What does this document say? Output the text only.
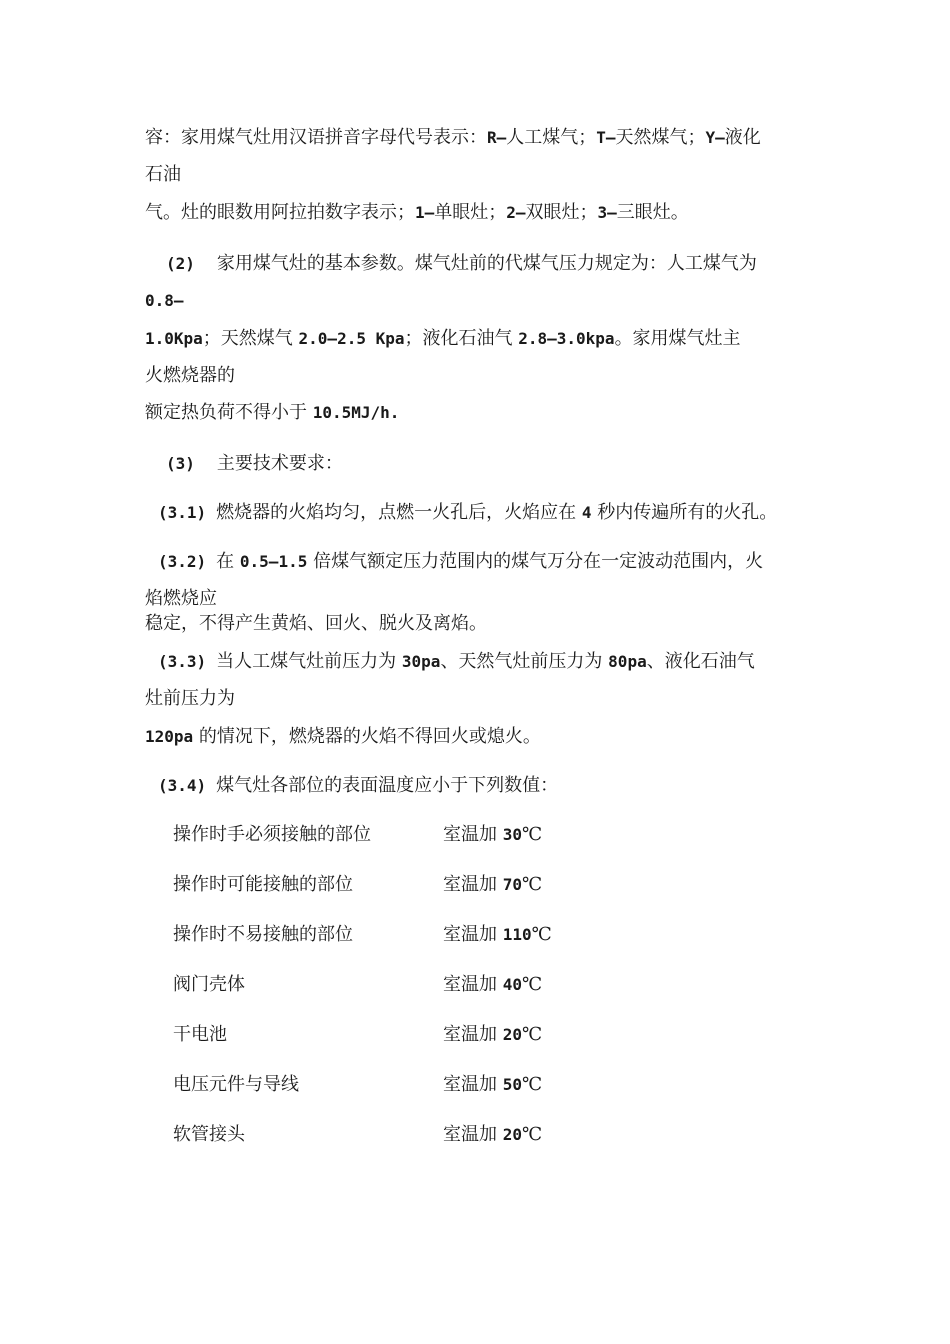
容：家用煤气灶用汉语拼音字母代号表示：R—人工煤气；T—天然煤气；Y—液化
石油
气。灶的眼数用阿拉拍数字表示；1—单眼灶；2—双眼灶；3—三眼灶。
(2) 家用煤气灶的基本参数。煤气灶前的代煤气压力规定为：人工煤气为
0.8—
1.0Kpa；天然煤气 2.0—2.5 Kpa；液化石油气 2.8—3.0kpa。家用煤气灶主
火燃烧器的
额定热负荷不得小于 10.5MJ/h.
(3) 主要技术要求：
(3.1) 燃烧器的火焰均匀，点燃一火孔后，火焰应在 4 秒内传遍所有的火孔。
(3.2) 在 0.5—1.5 倍煤气额定压力范围内的煤气万分在一定波动范围内，火
焰燃烧应
稳定，不得产生黄焰、回火、脱火及离焰。
(3.3) 当人工煤气灶前压力为 30pa、天然气灶前压力为 80pa、液化石油气
灶前压力为
120pa 的情况下，燃烧器的火焰不得回火或熄火。
(3.4) 煤气灶各部位的表面温度应小于下列数值：
操作时手必须接触的部位	室温加 30℃
操作时可能接触的部位	室温加 70℃
操作时不易接触的部位	室温加 110℃
阀门壳体	室温加 40℃
干电池	室温加 20℃
电压元件与导线	室温加 50℃
软管接头	室温加 20℃
